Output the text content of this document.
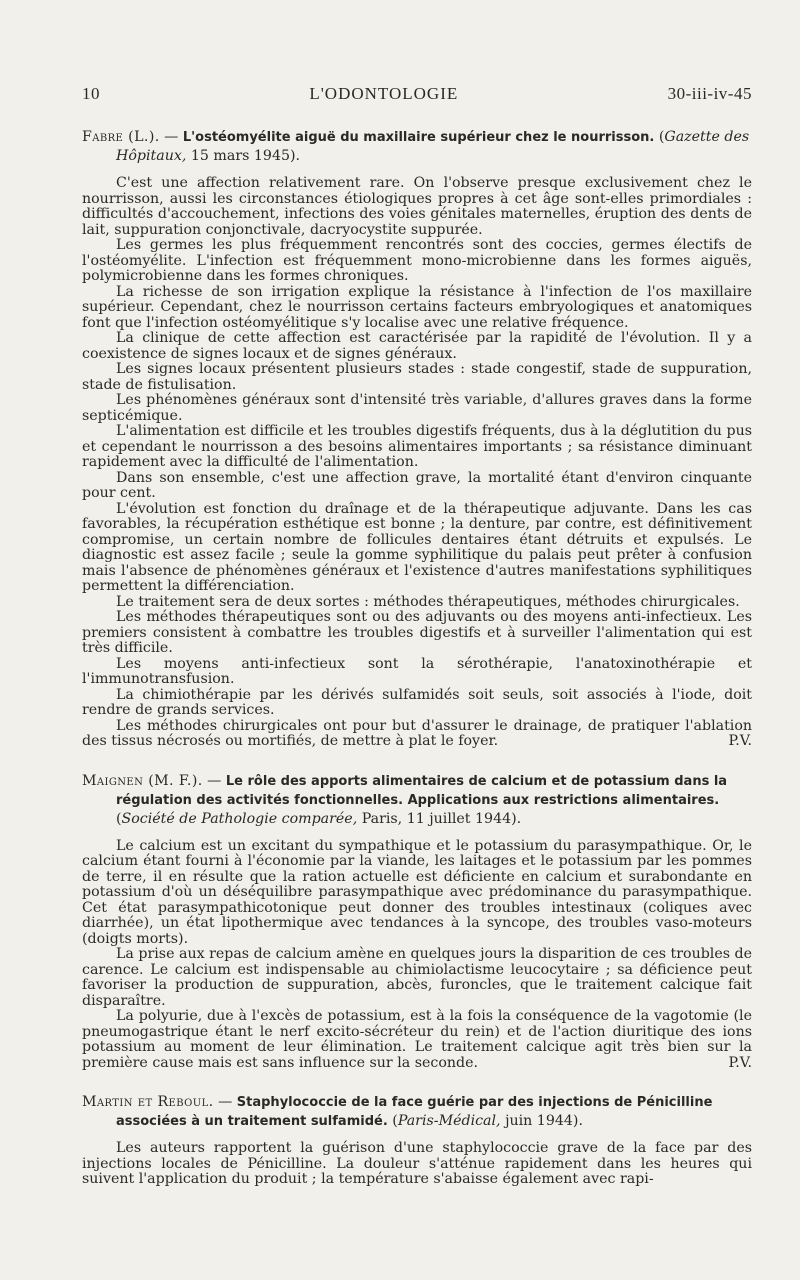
10	L'ODONTOLOGIE	30-iii-iv-45
Fabre (L.). — L'ostéomyélite aiguë du maxillaire supérieur chez le nourrisson. (Gazette des Hôpitaux, 15 mars 1945).

C'est une affection relativement rare. On l'observe presque exclusivement chez le nourrisson, aussi les circonstances étiologiques propres à cet âge sont-elles primordiales : difficultés d'accouchement, infections des voies génitales maternelles, éruption des dents de lait, suppuration conjonctivale, dacryocystite suppurée.

Les germes les plus fréquemment rencontrés sont des coccies, germes électifs de l'ostéomyélite. L'infection est fréquemment mono-microbienne dans les formes aiguës, polymicrobienne dans les formes chroniques.

La richesse de son irrigation explique la résistance à l'infection de l'os maxillaire supérieur. Cependant, chez le nourrisson certains facteurs embryologiques et anatomiques font que l'infection ostéomyélitique s'y localise avec une relative fréquence.

La clinique de cette affection est caractérisée par la rapidité de l'évolution. Il y a coexistence de signes locaux et de signes généraux.

Les signes locaux présentent plusieurs stades : stade congestif, stade de suppuration, stade de fistulisation.

Les phénomènes généraux sont d'intensité très variable, d'allures graves dans la forme septicémique.

L'alimentation est difficile et les troubles digestifs fréquents, dus à la déglutition du pus et cependant le nourrisson a des besoins alimentaires importants ; sa résistance diminuant rapidement avec la difficulté de l'alimentation.

Dans son ensemble, c'est une affection grave, la mortalité étant d'environ cinquante pour cent.

L'évolution est fonction du draînage et de la thérapeutique adjuvante. Dans les cas favorables, la récupération esthétique est bonne ; la denture, par contre, est définitivement compromise, un certain nombre de follicules dentaires étant détruits et expulsés. Le diagnostic est assez facile ; seule la gomme syphilitique du palais peut prêter à confusion mais l'absence de phénomènes généraux et l'existence d'autres manifestations syphilitiques permettent la différenciation.

Le traitement sera de deux sortes : méthodes thérapeutiques, méthodes chirurgicales.

Les méthodes thérapeutiques sont ou des adjuvants ou des moyens anti-infectieux. Les premiers consistent à combattre les troubles digestifs et à surveiller l'alimentation qui est très difficile.

Les moyens anti-infectieux sont la sérothérapie, l'anatoxinothérapie et l'immunotransfusion.

La chimiothérapie par les dérivés sulfamidés soit seuls, soit associés à l'iode, doit rendre de grands services.

Les méthodes chirurgicales ont pour but d'assurer le drainage, de pratiquer l'ablation des tissus nécrosés ou mortifiés, de mettre à plat le foyer.	P.V.

Maignen (M. F.). — Le rôle des apports alimentaires de calcium et de potassium dans la régulation des activités fonctionnelles. Applications aux restrictions alimentaires. (Société de Pathologie comparée, Paris, 11 juillet 1944).

Le calcium est un excitant du sympathique et le potassium du parasympathique. Or, le calcium étant fourni à l'économie par la viande, les laitages et le potassium par les pommes de terre, il en résulte que la ration actuelle est déficiente en calcium et surabondante en potassium d'où un déséquilibre parasympathique avec prédominance du parasympathique. Cet état parasympathicotonique peut donner des troubles intestinaux (coliques avec diarrhée), un état lipothermique avec tendances à la syncope, des troubles vaso-moteurs (doigts morts).

La prise aux repas de calcium amène en quelques jours la disparition de ces troubles de carence. Le calcium est indispensable au chimiolactisme leucocytaire ; sa déficience peut favoriser la production de suppuration, abcès, furoncles, que le traitement calcique fait disparaître.

La polyurie, due à l'excès de potassium, est à la fois la conséquence de la vagotomie (le pneumogastrique étant le nerf excito-sécréteur du rein) et de l'action diuritique des ions potassium au moment de leur élimination. Le traitement calcique agit très bien sur la première cause mais est sans influence sur la seconde.	P.V.

Martin et Reboul. — Staphylococcie de la face guérie par des injections de Pénicilline associées à un traitement sulfamidé. (Paris-Médical, juin 1944).

Les auteurs rapportent la guérison d'une staphylococcie grave de la face par des injections locales de Pénicilline. La douleur s'atténue rapidement dans les heures qui suivent l'application du produit ; la température s'abaisse également avec rapi-
